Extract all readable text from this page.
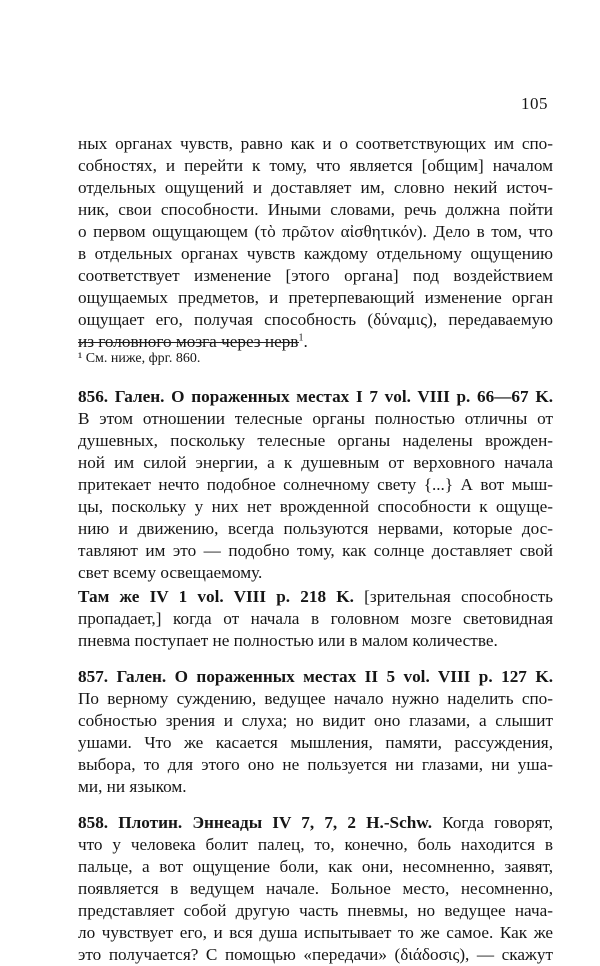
105
ных органах чувств, равно как и о соответствующих им спо-
собностях, и перейти к тому, что является [общим] началом
отдельных ощущений и доставляет им, словно некий источ-
ник, свои способности. Иными словами, речь должна пойти
о первом ощущающем (τὸ πρῶτον αἰσθητικόν). Дело в том, что
в отдельных органах чувств каждому отдельному ощущению
соответствует изменение [этого органа] под воздействием
ощущаемых предметов, и претерпевающий изменение орган
ощущает его, получая способность (δύναμις), передаваемую
из головного мозга через нерв$^1$.
¹ См. ниже, фрг. 860.
856. Гален. О пораженных местах I 7 vol. VIII p. 66—67 K.
В этом отношении телесные органы полностью отличны от
душевных, поскольку телесные органы наделены врожден-
ной им силой энергии, а к душевным от верховного начала
притекает нечто подобное солнечному свету {...} А вот мыш-
цы, поскольку у них нет врожденной способности к ощуще-
нию и движению, всегда пользуются нервами, которые дос-
тавляют им это — подобно тому, как солнце доставляет свой
свет всему освещаемому.
Там же IV 1 vol. VIII p. 218 K. [зрительная способность
пропадает,] когда от начала в головном мозге световидная
пневма поступает не полностью или в малом количестве.
857. Гален. О пораженных местах II 5 vol. VIII p. 127 K.
По верному суждению, ведущее начало нужно наделить спо-
собностью зрения и слуха; но видит оно глазами, а слышит
ушами. Что же касается мышления, памяти, рассуждения,
выбора, то для этого оно не пользуется ни глазами, ни уша-
ми, ни языком.
858. Плотин. Эннеады IV 7, 7, 2 H.-Schw. Когда говорят,
что у человека болит палец, то, конечно, боль находится в
пальце, а вот ощущение боли, как они, несомненно, заявят,
появляется в ведущем начале. Больное место, несомненно,
представляет собой другую часть пневмы, но ведущее нача-
ло чувствует его, и вся душа испытывает то же самое. Как же
это получается? С помощью «передачи» (διάδοσις), — скажут
